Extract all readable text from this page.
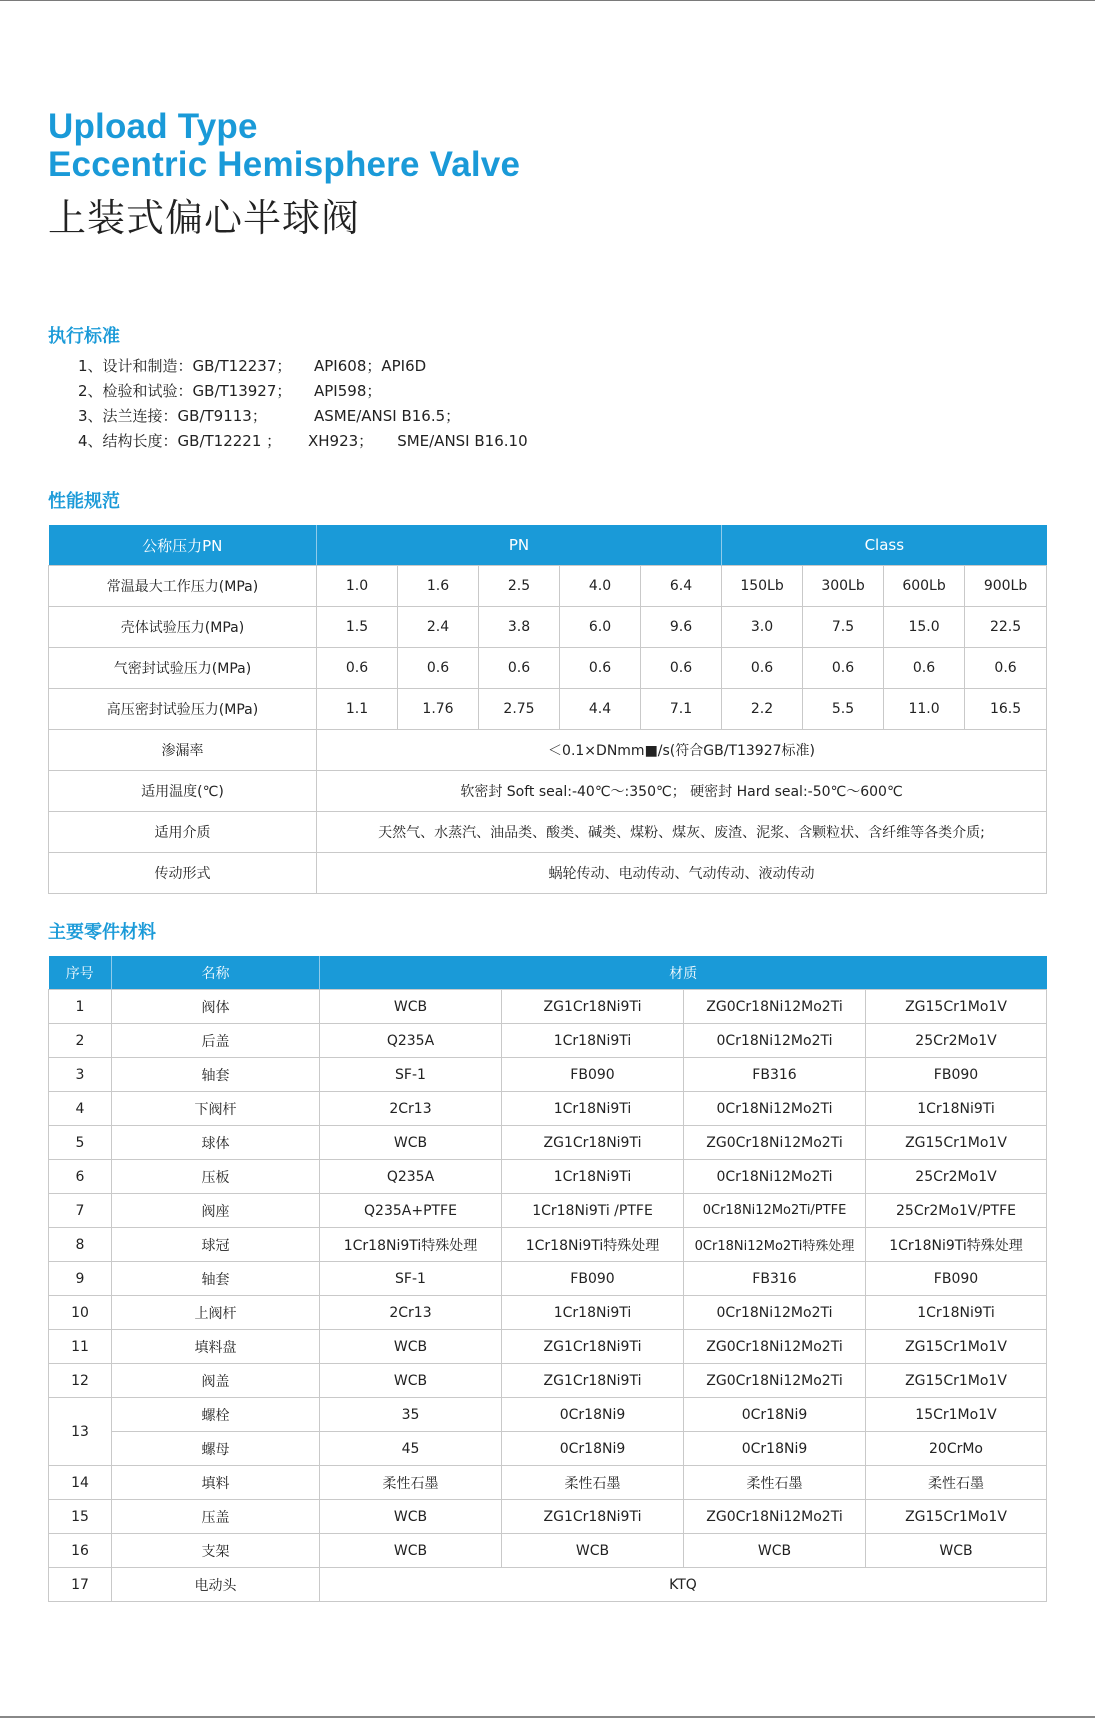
Upload Type
Eccentric Hemisphere Valve
上装式偏心半球阀
执行标准
1、设计和制造：GB/T12237； API608；API6D
2、检验和试验：GB/T13927； API598；
3、法兰连接：GB/T9113；	ASME/ANSI B16.5；
4、结构长度：GB/T12221 ； XH923； SME/ANSI B16.10
性能规范
公称压力PN	PN					Class			
常温最大工作压力(MPa)	1.0	1.6	2.5	4.0	6.4	150Lb	300Lb	600Lb	900Lb
壳体试验压力(MPa)	1.5	2.4	3.8	6.0	9.6	3.0	7.5	15.0	22.5
气密封试验压力(MPa)	0.6	0.6	0.6	0.6	0.6	0.6	0.6	0.6	0.6
高压密封试验压力(MPa)	1.1	1.76	2.75	4.4	7.1	2.2	5.5	11.0	16.5
渗漏率	＜0.1×DNmm■/s(符合GB/T13927标准)								
适用温度(℃)	软密封 Soft seal:-40℃～:350℃； 硬密封 Hard seal:-50℃～600℃								
适用介质	天然气、水蒸汽、油品类、酸类、碱类、煤粉、煤灰、废渣、泥浆、含颗粒状、含纤维等各类介质;								
传动形式	蜗轮传动、电动传动、气动传动、液动传动								
主要零件材料
序号	名称	材质			
1	阀体	WCB	ZG1Cr18Ni9Ti	ZG0Cr18Ni12Mo2Ti	ZG15Cr1Mo1V
2	后盖	Q235A	1Cr18Ni9Ti	0Cr18Ni12Mo2Ti	25Cr2Mo1V
3	轴套	SF-1	FB090	FB316	FB090
4	下阀杆	2Cr13	1Cr18Ni9Ti	0Cr18Ni12Mo2Ti	1Cr18Ni9Ti
5	球体	WCB	ZG1Cr18Ni9Ti	ZG0Cr18Ni12Mo2Ti	ZG15Cr1Mo1V
6	压板	Q235A	1Cr18Ni9Ti	0Cr18Ni12Mo2Ti	25Cr2Mo1V
7	阀座	Q235A+PTFE	1Cr18Ni9Ti /PTFE	0Cr18Ni12Mo2Ti/PTFE	25Cr2Mo1V/PTFE
8	球冠	1Cr18Ni9Ti特殊处理	1Cr18Ni9Ti特殊处理	0Cr18Ni12Mo2Ti特殊处理	1Cr18Ni9Ti特殊处理
9	轴套	SF-1	FB090	FB316	FB090
10	上阀杆	2Cr13	1Cr18Ni9Ti	0Cr18Ni12Mo2Ti	1Cr18Ni9Ti
11	填料盘	WCB	ZG1Cr18Ni9Ti	ZG0Cr18Ni12Mo2Ti	ZG15Cr1Mo1V
12	阀盖	WCB	ZG1Cr18Ni9Ti	ZG0Cr18Ni12Mo2Ti	ZG15Cr1Mo1V
13	螺栓	35	0Cr18Ni9	0Cr18Ni9	15Cr1Mo1V
	螺母	45	0Cr18Ni9	0Cr18Ni9	20CrMo
14	填料	柔性石墨	柔性石墨	柔性石墨	柔性石墨
15	压盖	WCB	ZG1Cr18Ni9Ti	ZG0Cr18Ni12Mo2Ti	ZG15Cr1Mo1V
16	支架	WCB	WCB	WCB	WCB
17	电动头	KTQ			
